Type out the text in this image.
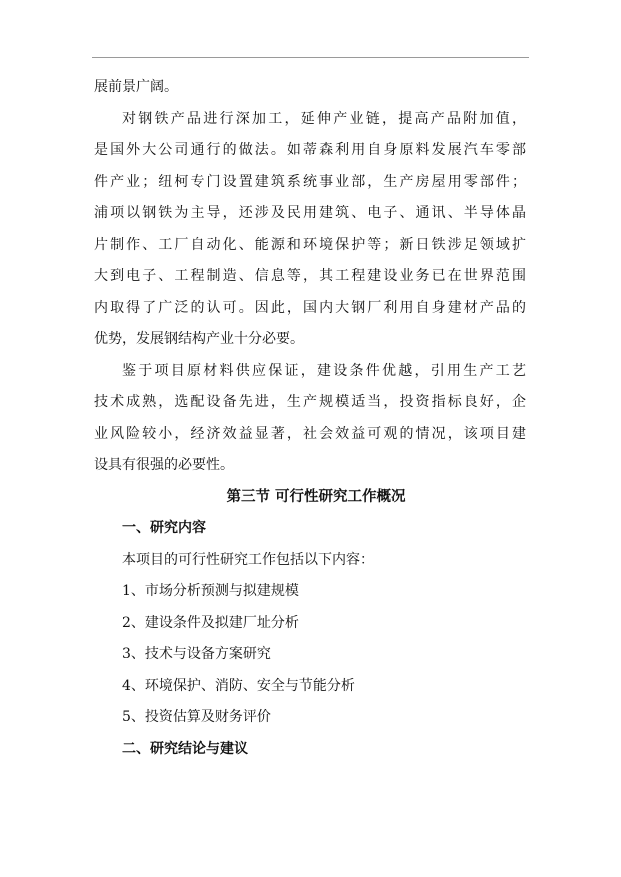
展前景广阔。
对钢铁产品进行深加工，延伸产业链，提高产品附加值，
是国外大公司通行的做法。如蒂森利用自身原料发展汽车零部
件产业；纽柯专门设置建筑系统事业部，生产房屋用零部件；
浦项以钢铁为主导，还涉及民用建筑、电子、通讯、半导体晶
片制作、工厂自动化、能源和环境保护等；新日铁涉足领域扩
大到电子、工程制造、信息等，其工程建设业务已在世界范围
内取得了广泛的认可。因此，国内大钢厂利用自身建材产品的
优势，发展钢结构产业十分必要。
鉴于项目原材料供应保证，建设条件优越，引用生产工艺
技术成熟，选配设备先进，生产规模适当，投资指标良好，企
业风险较小，经济效益显著，社会效益可观的情况，该项目建
设具有很强的必要性。
第三节 可行性研究工作概况
一、研究内容
本项目的可行性研究工作包括以下内容：
1、市场分析预测与拟建规模
2、建设条件及拟建厂址分析
3、技术与设备方案研究
4、环境保护、消防、安全与节能分析
5、投资估算及财务评价
二、研究结论与建议
